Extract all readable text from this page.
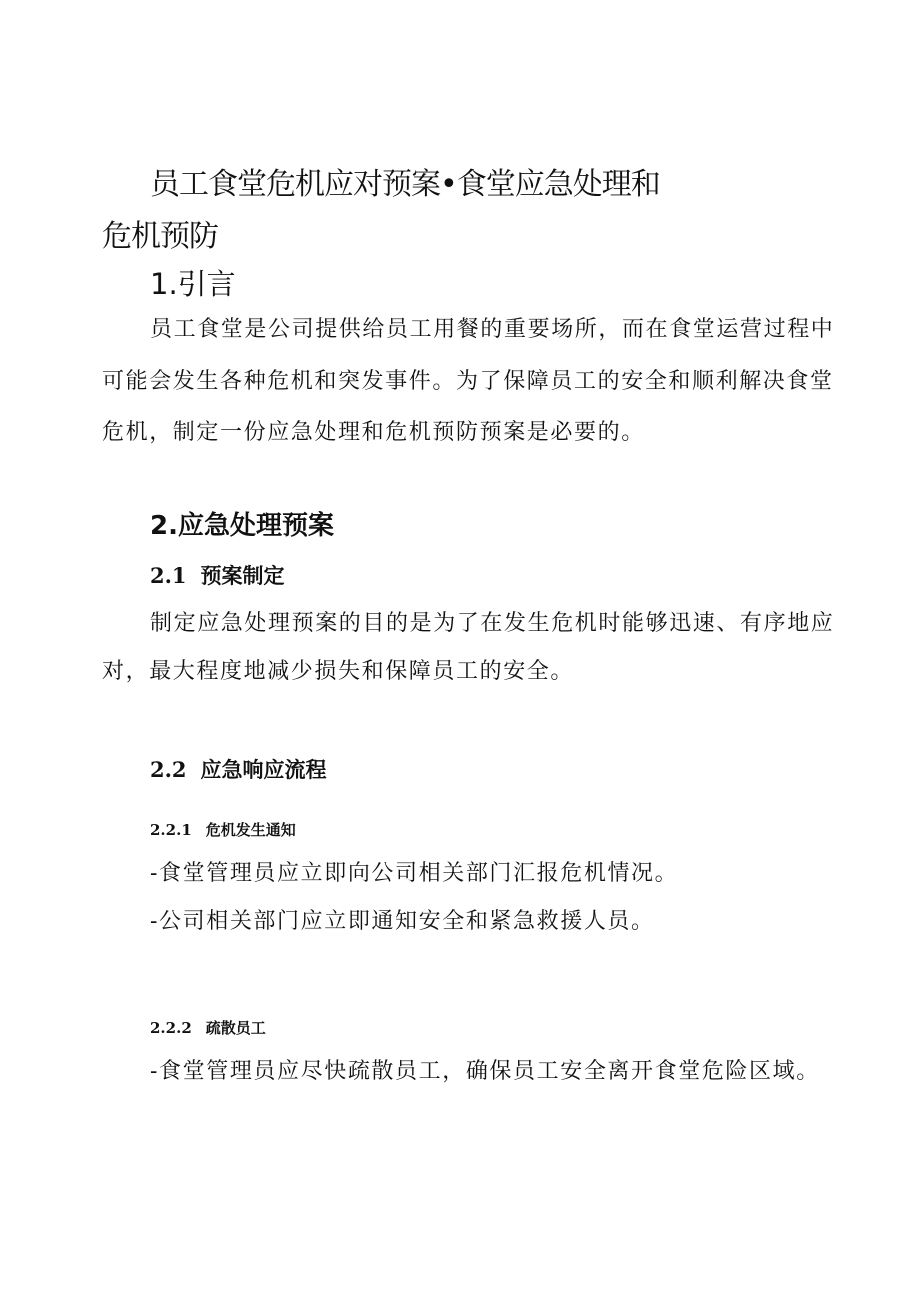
员工食堂危机应对预案•食堂应急处理和
危机预防
1.引言

员工食堂是公司提供给员工用餐的重要场所，而在食堂运营过程中

可能会发生各种危机和突发事件。为了保障员工的安全和顺利解决食堂

危机，制定一份应急处理和危机预防预案是必要的。

2.应急处理预案
2.1 预案制定

制定应急处理预案的目的是为了在发生危机时能够迅速、有序地应

对，最大程度地减少损失和保障员工的安全。

2.2 应急响应流程
2.2.1 危机发生通知

-食堂管理员应立即向公司相关部门汇报危机情况。

-公司相关部门应立即通知安全和紧急救援人员。

2.2.2 疏散员工

-食堂管理员应尽快疏散员工，确保员工安全离开食堂危险区域。
